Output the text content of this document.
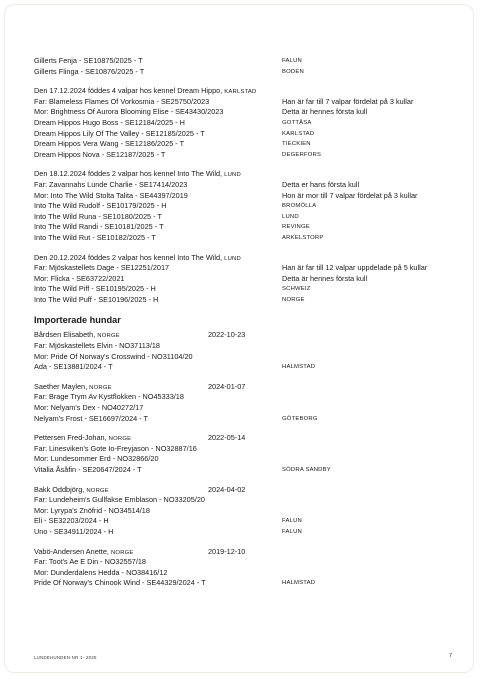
Gillerts Fenja - SE10875/2025 - T	FALUN
Gillerts Flinga - SE10876/2025 - T	BODEN
Den 17.12.2024 föddes 4 valpar hos kennel Dream Hippo, KARLSTAD
Far: Blameless Flames Of Vorkosmia - SE25750/2023	Han är far till 7 valpar fördelat på 3 kullar
Mor: Brightness Of Aurora Blooming Elise - SE43430/2023	Detta är hennes första kull
Dream Hippos Hugo Boss - SE12184/2025 - H	GOTTÅSA
Dream Hippos Lily Of The Valley - SE12185/2025 - T	KARLSTAD
Dream Hippos Vera Wang - SE12186/2025 - T	TIECKIEN
Dream Hippos Nova - SE12187/2025 - T	DEGERFORS
Den 18.12.2024 föddes 2 valpar hos kennel Into The Wild, LUND
Far: Zavannahs Lunde Charlie - SE17414/2023	Detta er hans första kull
Mor: Into The Wild Stolta Talita - SE44397/2019	Hon är mor till 7 valpar fördelat på 3 kullar
Into The Wild Rudolf - SE10179/2025 - H	BROMÖLLA
Into The Wild Runa - SE10180/2025 - T	LUND
Into The Wild Randi - SE10181/2025 - T	REVINGE
Into The Wild Rut - SE10182/2025 - T	ARKELSTORP
Den 20.12.2024 föddes 2 valpar hos kennel Into The Wild, LUND
Far: Mjöskastellets Dage - SE12251/2017	Han är far till 12 valpar uppdelade på 5 kullar
Mor: Flicka - SE63722/2021	Detta är hennes första kull
Into The Wild Piff - SE10195/2025 - H	SCHWEIZ
Into The Wild Puff - SE10196/2025 - H	NORGE
Importerade hundar
Bårdsen Elisabeth, NORGE	2022-10-23
Far: Mjöskastellets Elvin - NO37113/18
Mor: Pride Of Norway's Crosswind - NO31104/20
Ada - SE13881/2024 - T	HALMSTAD
Saether Maylen, NORGE	2024-01-07
Far: Brage Trym Av Kystflokken - NO45333/18
Mor: Nelyam's Dex - NO40272/17
Nelyam's Frost - SE16697/2024 - T	GÖTEBORG
Pettersen Fred-Johan, NORGE	2022-05-14
Far: Linesviken's Gote Io-Freyjason - NO32887/16
Mor: Lundesommer Erd - NO32866/20
Vitalia Åsåfin - SE20647/2024 - T	SÖDRA SANDBY
Bakk Oddbjörg, NORGE	2024-04-02
Far: Lundeheim's Gullfakse Emblason - NO33205/20
Mor: Lyrypa's Znöfrid - NO34514/18
Eli - SE32203/2024 - H	FALUN
Uno - SE34911/2024 - H	FALUN
Vabö-Andersen Anette, NORGE	2019-12-10
Far: Toot's Ae E Din - NO32557/18
Mor: Dunderdalens Hedda - NO38416/12
Pride Of Norway's Chinook Wind - SE44329/2024 - T	HALMSTAD
LUNDEHUNDEN NR 1- 2025	7
